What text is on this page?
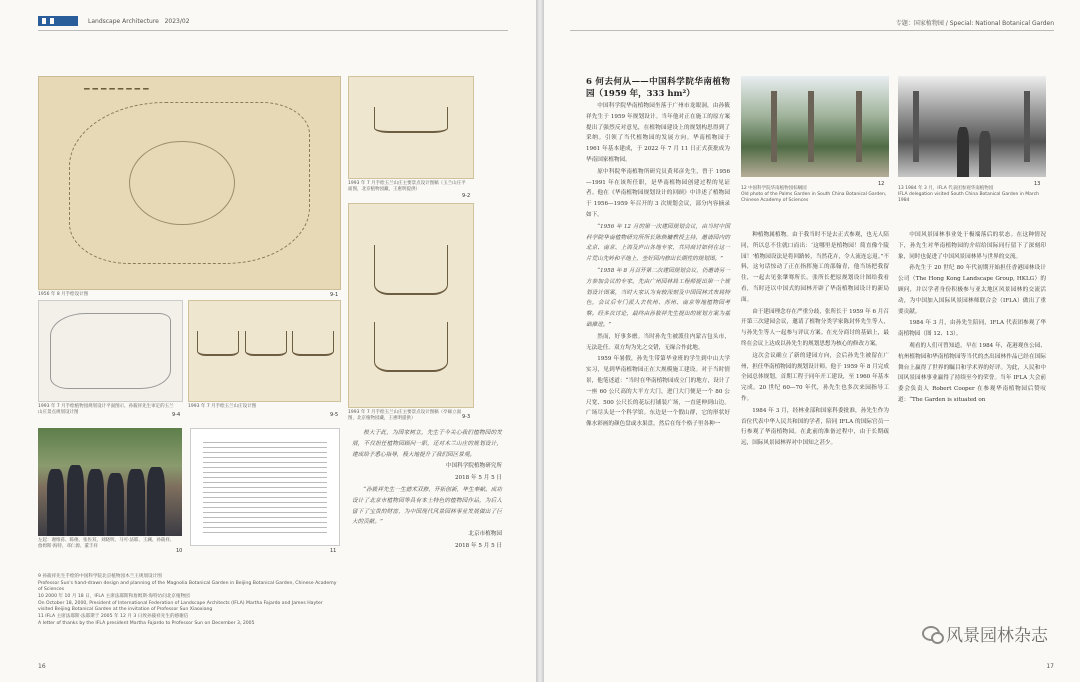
Landscape Architecture 2023/02
━━━━━━━━
1956 年 8 月手绘设计图	9-1
1993 年 7 月手绘玉兰山庄主要景点设计图稿（玉兰山庄平面图，北京植物园藏，王惠明提供）
9-2
1993 年 7 月手绘玉兰山庄主要景点设计图稿（亭廊立面图，北京植物园藏，王惠明提供）	9-3
1993 年 7 月手绘植物园规划设计平面图示，孙筱祥先生审定的玉兰山庄景点规划设计图	9-4
1993 年 7 月手绘玉兰山庄设计图
9-5
左起：谢维荪、陈俊、张佐双、刘晓明、马可·法耶、王澜、孙筱祥、詹姆斯·海特、邓仁源、董丰祥
10	11

根大于此，为国家树立，先生于今关心我们植物园的发展，不仅担任植物园顾问一职，还对木兰山庄的规划设计，建成给予悉心指导，极大地提升了我们园区景观。

中国科学院植物研究所

2018 年 5 月 5 日

“孙筱祥先生一生德术双修，开拓创新，毕生奉献。成功设计了北京市植物园等具有本土特色的植物园作品，为后人留下了宝贵的财富，为中国现代风景园林事业发展做出了巨大的贡献。”

北京市植物园

2018 年 5 月 5 日

9 孙筱祥先生手绘的中国科学院北京植物园木兰王规划设计图
Professor Sun's hand-drawn design and planning of the Magnolia Botanical Garden in Beijing Botanical Garden, Chinese Academy of Sciences
10 2000 年 10 月 18 日，IFLA 主席法耶斯和詹姆斯·海特访问北京植物园
On October 18, 2000, President of International Federation of Landscape Architects (IFLA) Martha Fajardo and James Hayter visited Beijing Botanical Garden at the invitation of Professor Sun Xiaoxiang
11 IFLA 主席法耶斯·法耶斯于 2005 年 12 月 3 日致孙筱祥先生的感谢信
A letter of thanks by the IFLA president Martha Fajardo to Professor Sun on December 3, 2005
16
专题：国家植物园 / Special: National Botanical Garden

6 何去何从——中国科学院华南植物园（1959 年，333 hm²）

中国科学院华南植物园坐落于广州市龙眼洞，由孙筱祥先生于 1959 年规划设计。当年他对正在施工的原方案提出了强烈反对意见，在植物园建设上的规划构思得到了采纳。引领了当代植物园的发展方向。华南植物园于 1961 年基本建成，于 2022 年 7 月 11 日正式获批成为华南国家植物园。

原中科院华南植物所研究员黄邦彦先生，曾于 1956—1991 年在该所任职，是华南植物园创建过程的见证者。他在《华南植物园规划设计的回顾》中详述了植物园于 1956—1959 年召开的 3 次规划会议，部分内容摘录如下。

“1956 年 12 月的第一次建园规划会议，由当时中国科学院华南植物研究所所长陈焕镛教授主持，邀请园内的北京、南京、上海及庐山各地专家，共同商讨如何在这一片荒山先岭和平地上，坐好园内修出长期性的规划图。”

“1958 年 8 月召开第二次建园规划会议，仍邀请另一方参加会议的专家。先由广州园林局工程师提出第一个规划设计图案，当时大家认为有较深刻及中国园林式布局特色，会议后专门派人去杭州、苏州、南京等地植物园考察。经多次讨论，最终由孙筱祥先生提出的规划方案为基础推进。”

然而，好事多磨。当时孙先生被派往内蒙古包头市，无法赴任。双方均为先之交错，无缘合作此地。

1959 年暑假，孙先生带第毕业班的学生到中山大学实习，见到华南植物园正在大规模施工建设。对于当时情景，他笔述道：“当时在华南植物园成立门的地方，设计了一座 60 公尺高的大平方大门，进门大门便是一个 80 公尺宽、500 公尺长的花坛打铺装广场，一直延伸到山边。广场尽头是一个科学馆。东边是一个假山群，它的形状好像水彩画的颜色盘或水果盘。然后在每个格子里各种一

12
12 中国科学院华南植物园棕榈园
Old photo of the Palms Garden in South China Botanical Garden, Chinese Academy of Sciences
13
13 1984 年 3 月，IFLA 代表团参观华南植物园
IFLA delegation visited South China Botanical Garden in March 1984

种植物属植物。由于我当时不是去正式参观，也无人陪同，所以总不住就口而出：‘这哪里是植物园！简直像个陵园！’植物园设法是将回路转，当然花卉，令人流连忘返。”不料，这句话惊动了正在指挥施工的邵翰青，他当场把我留住，一起去见张肇骞所长。张所长把原规划设计图给我看看，当时还以中国式的园林开辟了华南植物园设计的新局面。

由于建园理念存在严重分歧，张所长于 1959 年 6 月召开第三次建园会议，邀请了植物分类学家陈封怀先生等人，与孙先生等人一起参与评议方案。在充分商讨的基础上，最终在会议上达成以孙先生的规划思想为核心的修改方案。

这次会议确立了新的建园方向，会后孙先生被留在广州，担任华南植物园的规划设计师。他于 1959 年 8 月完成全园总体规划，首期工程于同年开工建设，至 1960 年基本完成。20 世纪 60—70 年代，孙先生也多次来园指导工作。

1984 年 3 月，经林业部和国家科委批准，孙先生作为首位代表中华人民共和国的学者，陪同 IFLA 的国际官员一行参观了华南植物园。在此前的准备过程中，由于长期疏远，国际风景园林界对中国知之甚少。

中国风景园林事业处于极端落后的状态。在这种情况下，孙先生对华南植物园的介绍给国际同行留下了深刻印象，同时也促进了中国风景园林界与世界的交流。

孙先生于 20 世纪 80 年代初期开始担任香港园林设计公司（The Hong Kong Landscape Group, HKLG）的顾问，并以学者身份积极参与亚太地区风景园林的交流活动，为中国加入国际风景园林师联合会（IFLA）做出了重要贡献。

1984 年 3 月，由孙先生陪同，IFLA 代表团参观了华南植物园（图 12、13）。

观看的人们可曾知道，早在 1984 年，花港观鱼公园、杭州植物园和华南植物园等当代的杰出园林作品已经在国际舞台上赢得了世界的瞩目和学术界的好评。为此，人民和中国风景园林事业赢得了持续至今的荣誉。当年 IFLA 大会前委会负责人 Robert Cooper 在参观华南植物园后赞叹道：“The Garden is situated on

风景园林杂志
17
